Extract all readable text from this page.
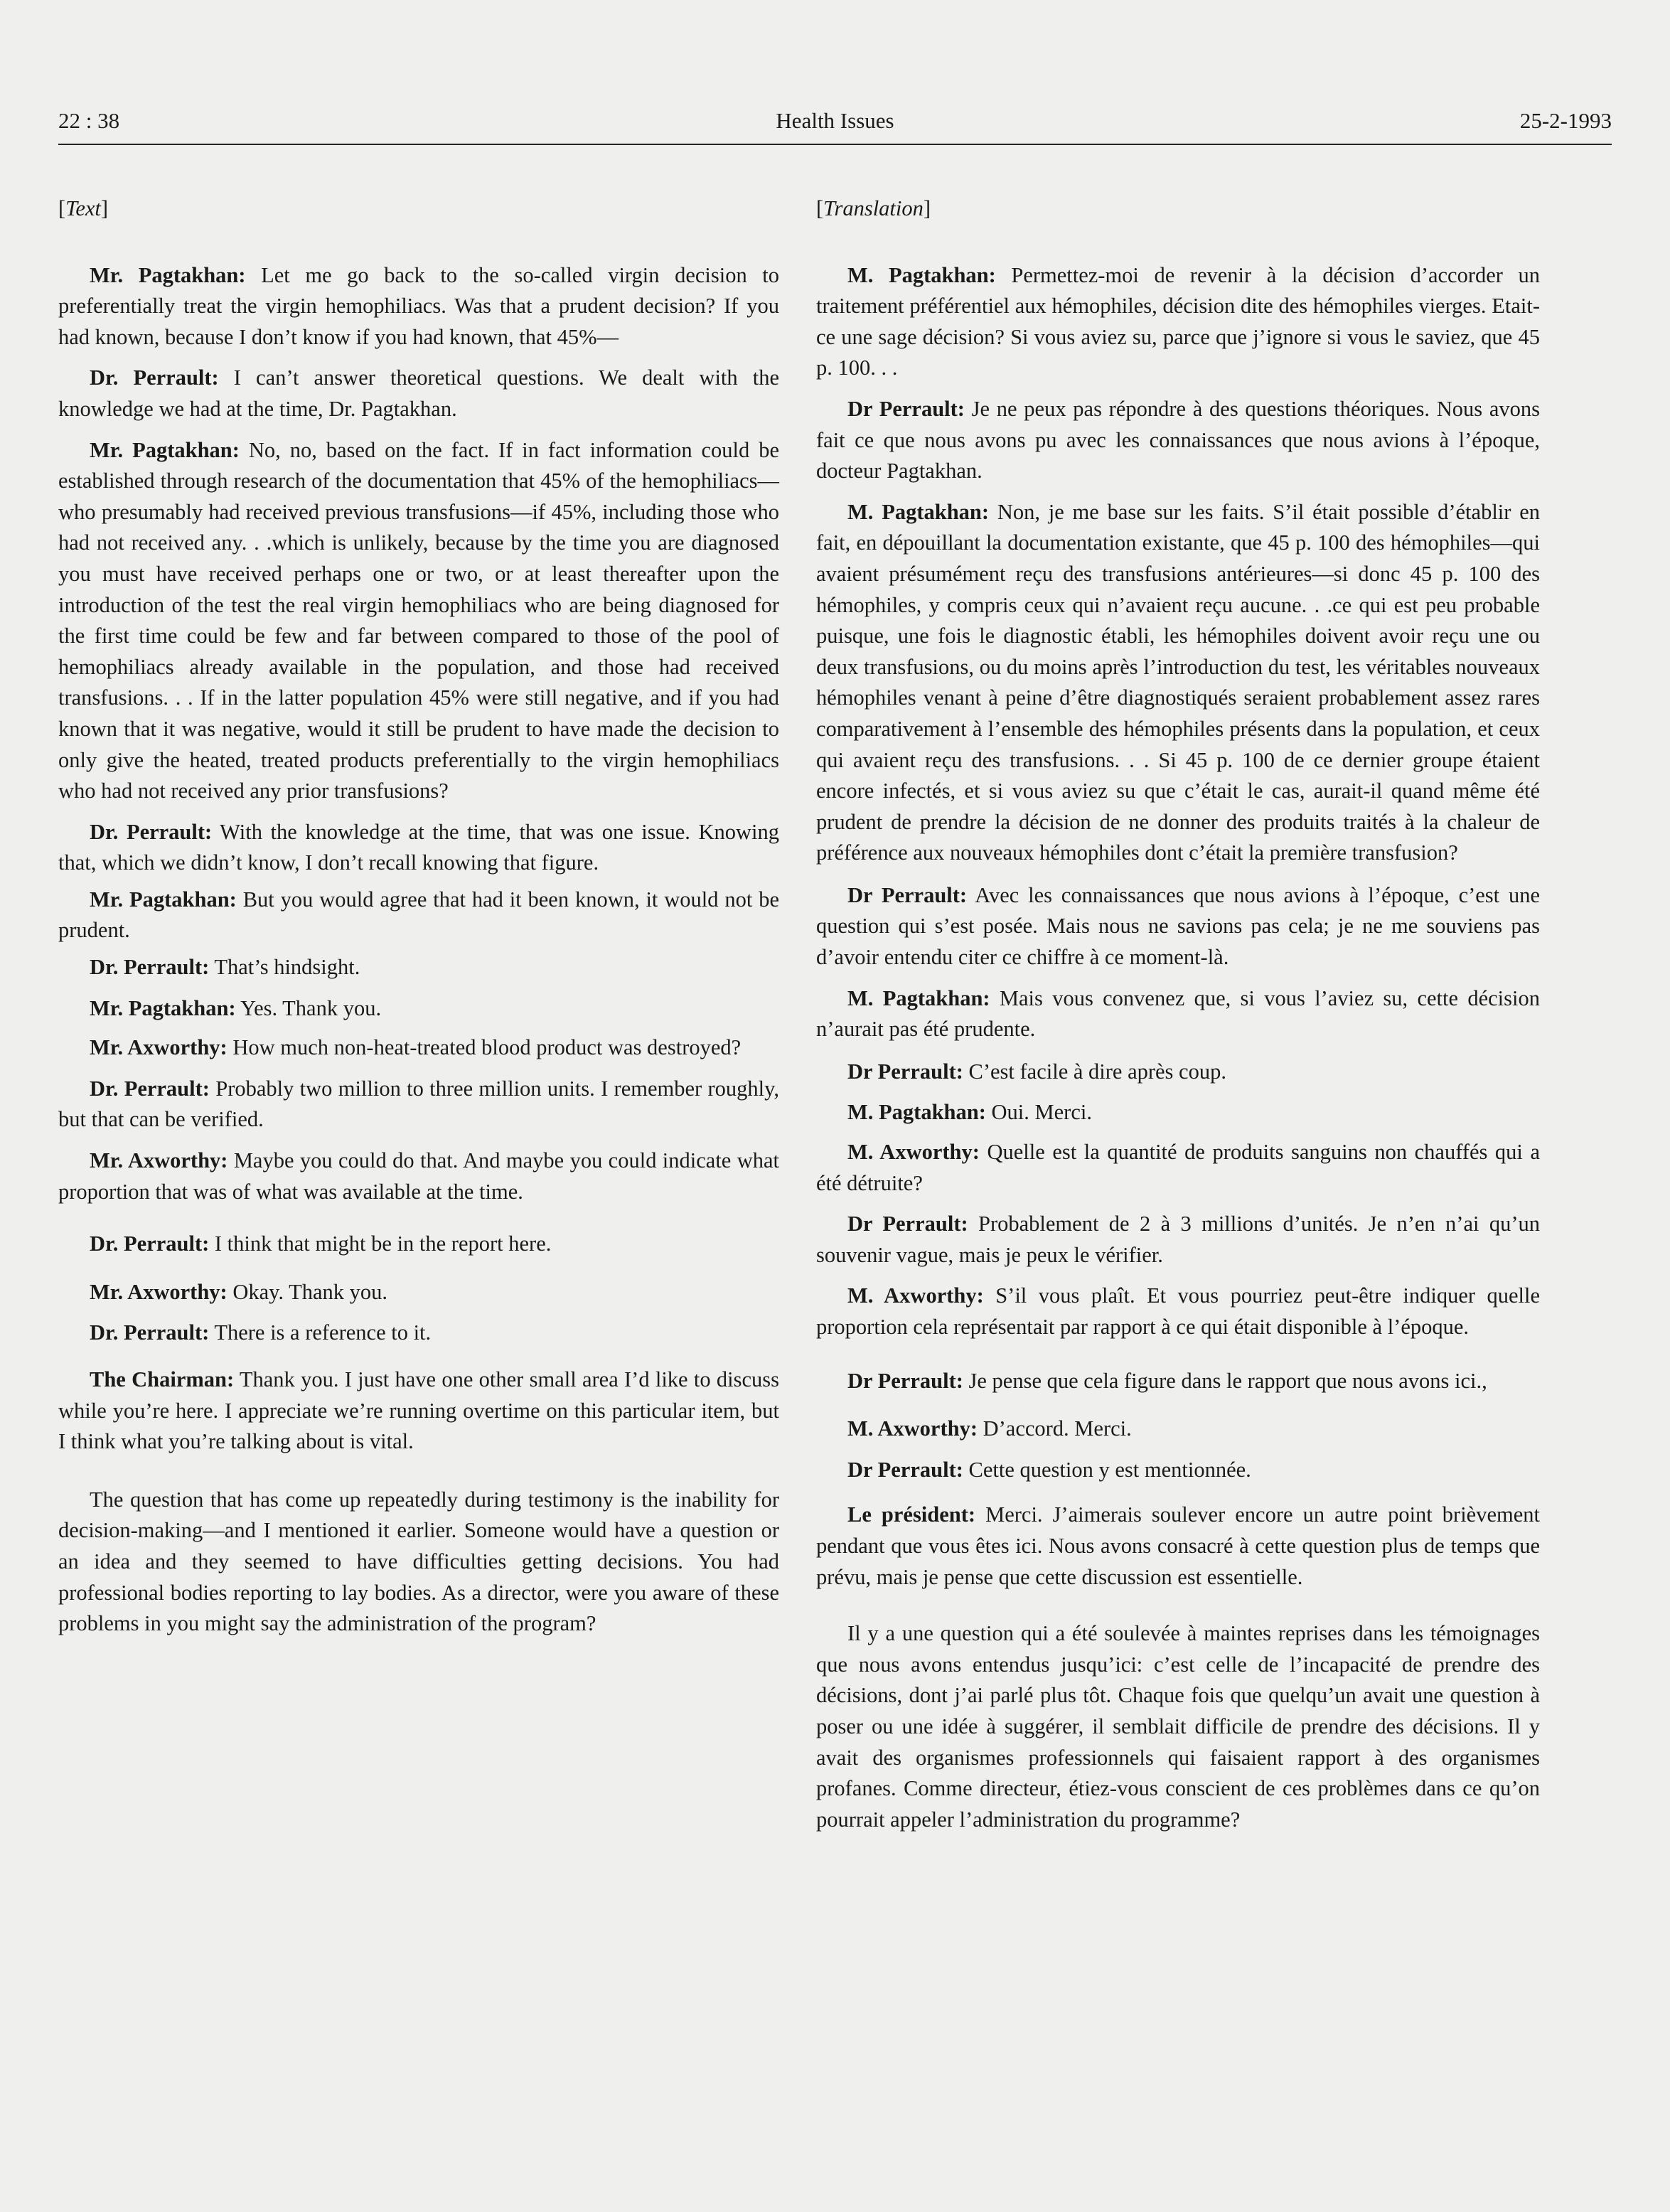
22 : 38	Health Issues	25-2-1993

[Text]

Mr. Pagtakhan: Let me go back to the so-called virgin decision to preferentially treat the virgin hemophiliacs. Was that a prudent decision? If you had known, because I don’t know if you had known, that 45%—

Dr. Perrault: I can’t answer theoretical questions. We dealt with the knowledge we had at the time, Dr. Pagtakhan.

Mr. Pagtakhan: No, no, based on the fact. If in fact information could be established through research of the documentation that 45% of the hemophiliacs—who presumably had received previous transfusions—if 45%, including those who had not received any. . .which is unlikely, because by the time you are diagnosed you must have received perhaps one or two, or at least thereafter upon the introduction of the test the real virgin hemophiliacs who are being diagnosed for the first time could be few and far between compared to those of the pool of hemophiliacs already available in the population, and those had received transfusions. . . If in the latter population 45% were still negative, and if you had known that it was negative, would it still be prudent to have made the decision to only give the heated, treated products preferentially to the virgin hemophiliacs who had not received any prior transfusions?

Dr. Perrault: With the knowledge at the time, that was one issue. Knowing that, which we didn’t know, I don’t recall knowing that figure.

Mr. Pagtakhan: But you would agree that had it been known, it would not be prudent.

Dr. Perrault: That’s hindsight.

Mr. Pagtakhan: Yes. Thank you.

Mr. Axworthy: How much non-heat-treated blood product was destroyed?

Dr. Perrault: Probably two million to three million units. I remember roughly, but that can be verified.

Mr. Axworthy: Maybe you could do that. And maybe you could indicate what proportion that was of what was available at the time.

Dr. Perrault: I think that might be in the report here.

Mr. Axworthy: Okay. Thank you.

Dr. Perrault: There is a reference to it.

The Chairman: Thank you. I just have one other small area I’d like to discuss while you’re here. I appreciate we’re running overtime on this particular item, but I think what you’re talking about is vital.

The question that has come up repeatedly during testimony is the inability for decision-making—and I mentioned it earlier. Someone would have a question or an idea and they seemed to have difficulties getting decisions. You had professional bodies reporting to lay bodies. As a director, were you aware of these problems in you might say the administration of the program?

[Translation]

M. Pagtakhan: Permettez-moi de revenir à la décision d’accorder un traitement préférentiel aux hémophiles, décision dite des hémophiles vierges. Etait-ce une sage décision? Si vous aviez su, parce que j’ignore si vous le saviez, que 45 p. 100. . .

Dr Perrault: Je ne peux pas répondre à des questions théoriques. Nous avons fait ce que nous avons pu avec les connaissances que nous avions à l’époque, docteur Pagtakhan.

M. Pagtakhan: Non, je me base sur les faits. S’il était possible d’établir en fait, en dépouillant la documentation existante, que 45 p. 100 des hémophiles—qui avaient présumément reçu des transfusions antérieures—si donc 45 p. 100 des hémophiles, y compris ceux qui n’avaient reçu aucune. . .ce qui est peu probable puisque, une fois le diagnostic établi, les hémophiles doivent avoir reçu une ou deux transfusions, ou du moins après l’introduction du test, les véritables nouveaux hémophiles venant à peine d’être diagnostiqués seraient probablement assez rares comparativement à l’ensemble des hémophiles présents dans la population, et ceux qui avaient reçu des transfusions. . . Si 45 p. 100 de ce dernier groupe étaient encore infectés, et si vous aviez su que c’était le cas, aurait-il quand même été prudent de prendre la décision de ne donner des produits traités à la chaleur de préférence aux nouveaux hémophiles dont c’était la première transfusion?

Dr Perrault: Avec les connaissances que nous avions à l’époque, c’est une question qui s’est posée. Mais nous ne savions pas cela; je ne me souviens pas d’avoir entendu citer ce chiffre à ce moment-là.

M. Pagtakhan: Mais vous convenez que, si vous l’aviez su, cette décision n’aurait pas été prudente.

Dr Perrault: C’est facile à dire après coup.

M. Pagtakhan: Oui. Merci.

M. Axworthy: Quelle est la quantité de produits sanguins non chauffés qui a été détruite?

Dr Perrault: Probablement de 2 à 3 millions d’unités. Je n’en n’ai qu’un souvenir vague, mais je peux le vérifier.

M. Axworthy: S’il vous plaît. Et vous pourriez peut-être indiquer quelle proportion cela représentait par rapport à ce qui était disponible à l’époque.

Dr Perrault: Je pense que cela figure dans le rapport que nous avons ici.,

M. Axworthy: D’accord. Merci.

Dr Perrault: Cette question y est mentionnée.

Le président: Merci. J’aimerais soulever encore un autre point brièvement pendant que vous êtes ici. Nous avons consacré à cette question plus de temps que prévu, mais je pense que cette discussion est essentielle.

Il y a une question qui a été soulevée à maintes reprises dans les témoignages que nous avons entendus jusqu’ici: c’est celle de l’incapacité de prendre des décisions, dont j’ai parlé plus tôt. Chaque fois que quelqu’un avait une question à poser ou une idée à suggérer, il semblait difficile de prendre des décisions. Il y avait des organismes professionnels qui faisaient rapport à des organismes profanes. Comme directeur, étiez-vous conscient de ces problèmes dans ce qu’on pourrait appeler l’administration du programme?
